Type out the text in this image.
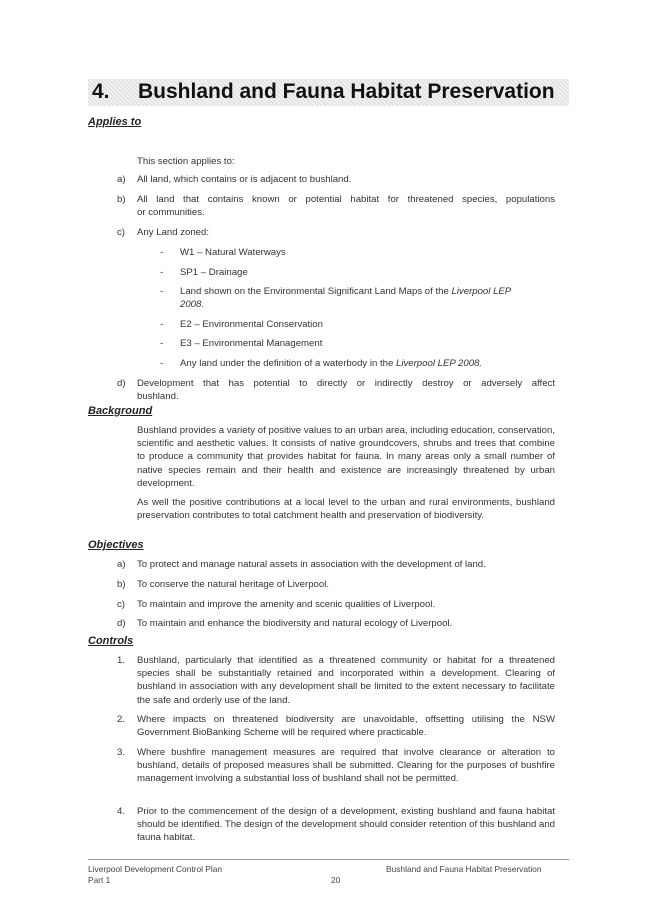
4. Bushland and Fauna Habitat Preservation
Applies to
This section applies to:
a) All land, which contains or is adjacent to bushland.
b) All land that contains known or potential habitat for threatened species, populations
or communities.
c) Any Land zoned:
- W1 – Natural Waterways
- SP1 – Drainage
- Land shown on the Environmental Significant Land Maps of the Liverpool LEP
2008.
- E2 – Environmental Conservation
- E3 – Environmental Management
- Any land under the definition of a waterbody in the Liverpool LEP 2008.
d) Development that has potential to directly or indirectly destroy or adversely affect
bushland.
Background
Bushland provides a variety of positive values to an urban area, including education, conservation, scientific and aesthetic values. It consists of native groundcovers, shrubs and trees that combine to produce a community that provides habitat for fauna. In many areas only a small number of native species remain and their health and existence are increasingly threatened by urban development.
As well the positive contributions at a local level to the urban and rural environments, bushland preservation contributes to total catchment health and preservation of biodiversity.
Objectives
a) To protect and manage natural assets in association with the development of land.
b) To conserve the natural heritage of Liverpool.
c) To maintain and improve the amenity and scenic qualities of Liverpool.
d) To maintain and enhance the biodiversity and natural ecology of Liverpool.
Controls
1. Bushland, particularly that identified as a threatened community or habitat for a threatened species shall be substantially retained and incorporated within a development. Clearing of bushland in association with any development shall be limited to the extent necessary to facilitate the safe and orderly use of the land.
2. Where impacts on threatened biodiversity are unavoidable, offsetting utilising the NSW Government BioBanking Scheme will be required where practicable.
3. Where bushfire management measures are required that involve clearance or alteration to bushland, details of proposed measures shall be submitted. Clearing for the purposes of bushfire management involving a substantial loss of bushland shall not be permitted.
4. Prior to the commencement of the design of a development, existing bushland and fauna habitat should be identified. The design of the development should consider retention of this bushland and fauna habitat.
Liverpool Development Control Plan
Part 1	20
Bushland and Fauna Habitat Preservation
